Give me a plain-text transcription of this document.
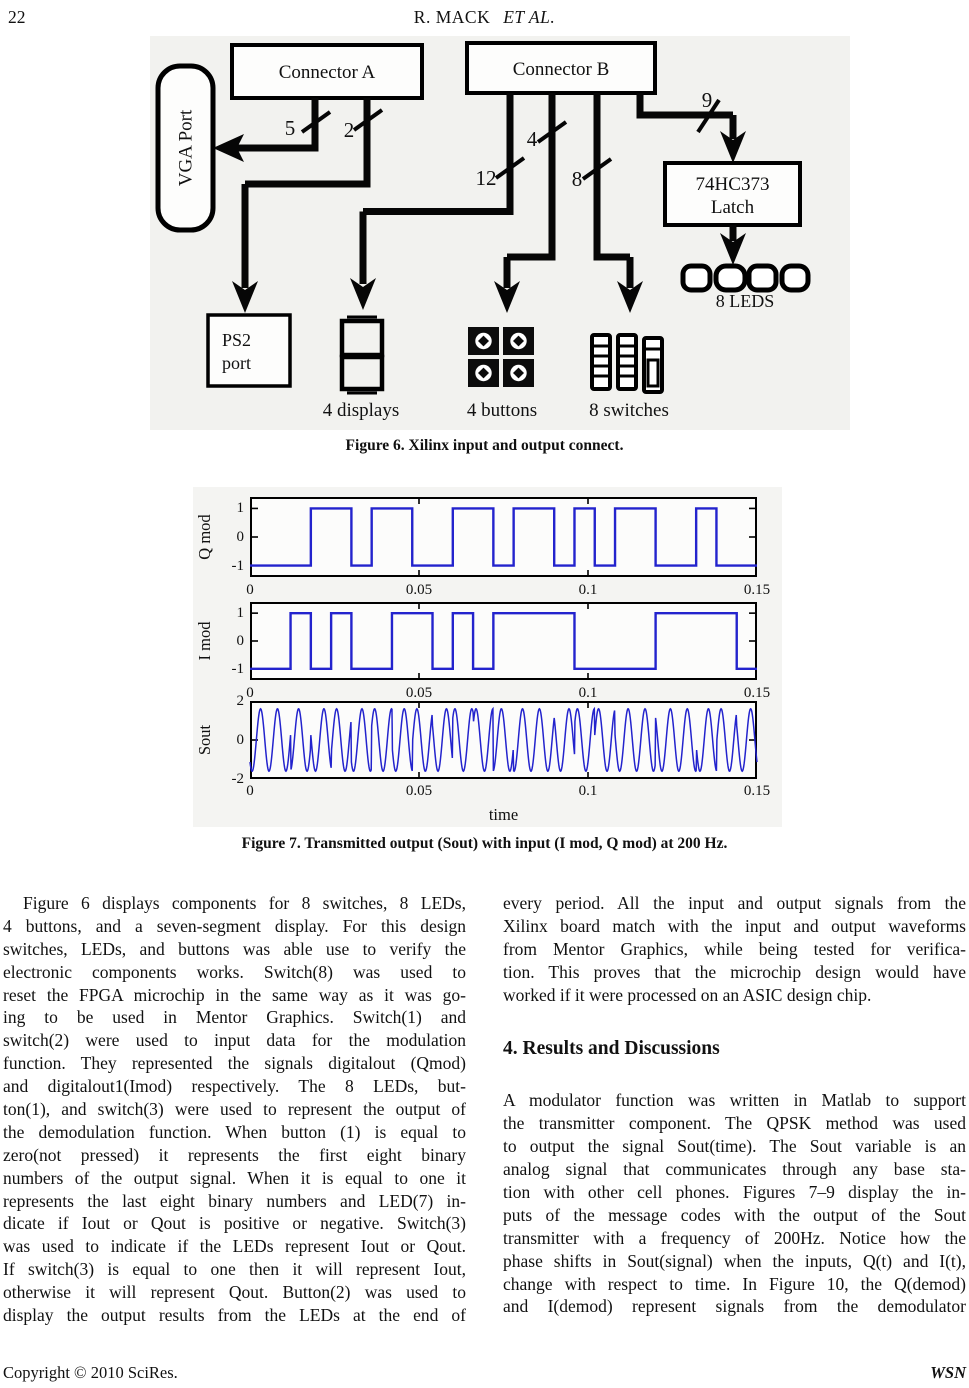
22	R. MACK ET AL.
Connector A	Connector B
VGA Port	74HC373
Latch
PS2
port
5 2
12
4
8
9
4 displays	4 buttons	8 switches
8 LEDS
Figure 6. Xilinx input and output connect.
1
0
-1
0	0.05	0.1	0.15
Q mod
1
0
-1
0	0.05	0.1	0.15
I mod
2
0
-2
0	0.05	0.1	0.15
Sout
time
Figure 7. Transmitted output (Sout) with input (I mod, Q mod) at 200 Hz.
Figure 6 displays components for 8 switches, 8 LEDs,
4 buttons, and a seven-segment display. For this design
switches, LEDs, and buttons was able use to verify the
electronic components works. Switch(8) was used to
reset the FPGA microchip in the same way as it was go-
ing to be used in Mentor Graphics. Switch(1) and
switch(2) were used to input data for the modulation
function. They represented the signals digitalout (Qmod)
and digitalout1(Imod) respectively. The 8 LEDs, but-
ton(1), and switch(3) were used to represent the output of
the demodulation function. When button (1) is equal to
zero(not pressed) it represents the first eight binary
numbers of the output signal. When it is equal to one it
represents the last eight binary numbers and LED(7) in-
dicate if Iout or Qout is positive or negative. Switch(3)
was used to indicate if the LEDs represent Iout or Qout.
If switch(3) is equal to one then it will represent Iout,
otherwise it will represent Qout. Button(2) was used to
display the output results from the LEDs at the end of
every period. All the input and output signals from the
Xilinx board match with the input and output waveforms
from Mentor Graphics, while being tested for verifica-
tion. This proves that the microchip design would have
worked if it were processed on an ASIC design chip.
4. Results and Discussions
A modulator function was written in Matlab to support
the transmitter component. The QPSK method was used
to output the signal Sout(time). The Sout variable is an
analog signal that communicates through any base sta-
tion with other cell phones. Figures 7–9 display the in-
puts of the message codes with the output of the Sout
transmitter with a frequency of 200Hz. Notice how the
phase shifts in Sout(signal) when the inputs, Q(t) and I(t),
change with respect to time. In Figure 10, the Q(demod)
and I(demod) represent signals from the demodulator
Copyright © 2010 SciRes.	WSN
